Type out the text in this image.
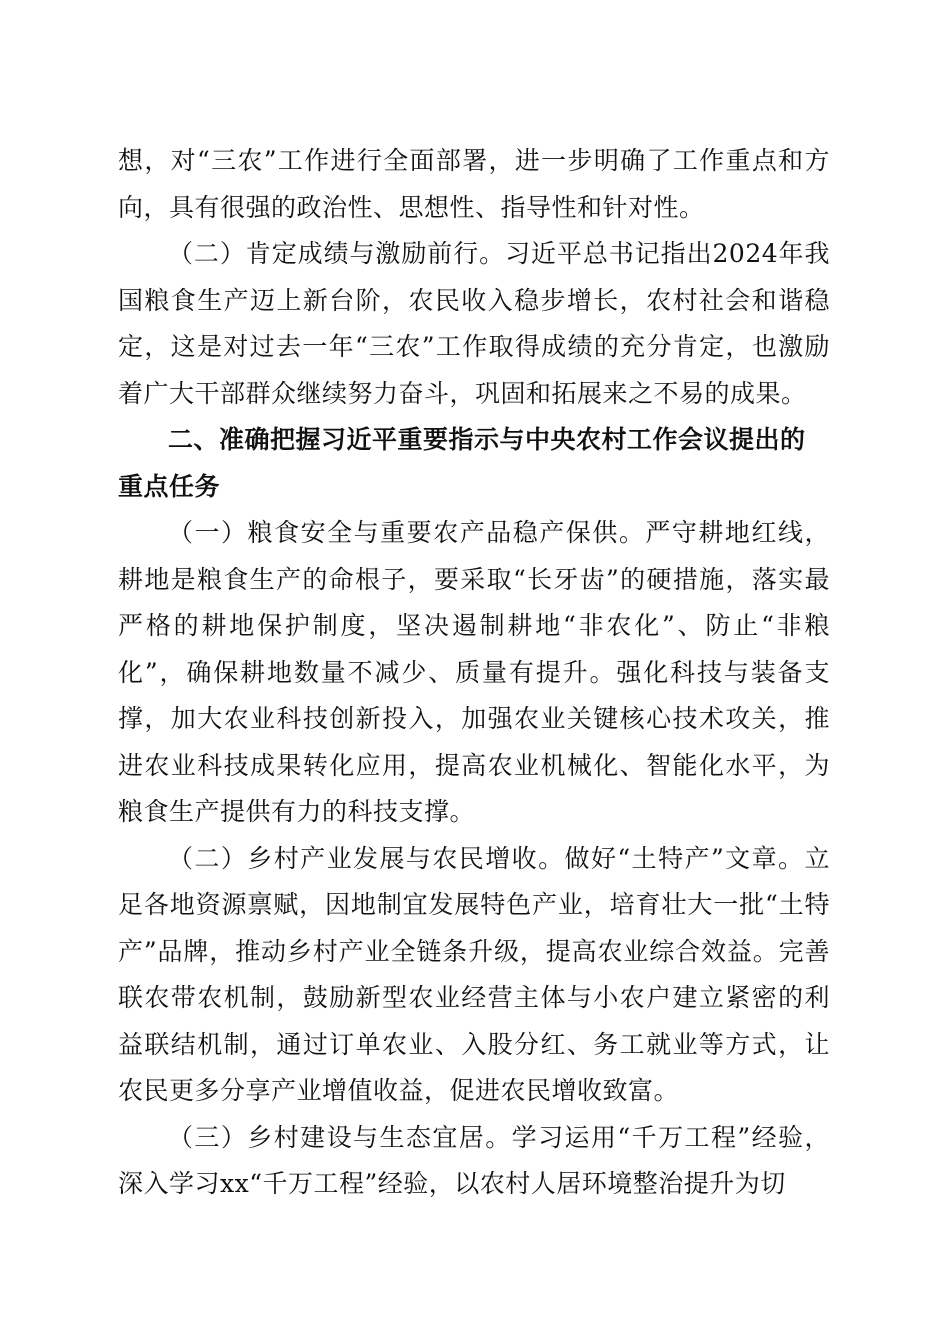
想，对“三农”工作进行全面部署，进一步明确了工作重点和方向，具有很强的政治性、思想性、指导性和针对性。

（二）肯定成绩与激励前行。习近平总书记指出2024年我国粮食生产迈上新台阶，农民收入稳步增长，农村社会和谐稳定，这是对过去一年“三农”工作取得成绩的充分肯定，也激励着广大干部群众继续努力奋斗，巩固和拓展来之不易的成果。

二、准确把握习近平重要指示与中央农村工作会议提出的重点任务

（一）粮食安全与重要农产品稳产保供。严守耕地红线，耕地是粮食生产的命根子，要采取“长牙齿”的硬措施，落实最严格的耕地保护制度，坚决遏制耕地“非农化”、防止“非粮化”，确保耕地数量不减少、质量有提升。强化科技与装备支撑，加大农业科技创新投入，加强农业关键核心技术攻关，推进农业科技成果转化应用，提高农业机械化、智能化水平，为粮食生产提供有力的科技支撑。

（二）乡村产业发展与农民增收。做好“土特产”文章。立足各地资源禀赋，因地制宜发展特色产业，培育壮大一批“土特产”品牌，推动乡村产业全链条升级，提高农业综合效益。完善联农带农机制，鼓励新型农业经营主体与小农户建立紧密的利益联结机制，通过订单农业、入股分红、务工就业等方式，让农民更多分享产业增值收益，促进农民增收致富。

（三）乡村建设与生态宜居。学习运用“千万工程”经验，深入学习xx“千万工程”经验，以农村人居环境整治提升为切
